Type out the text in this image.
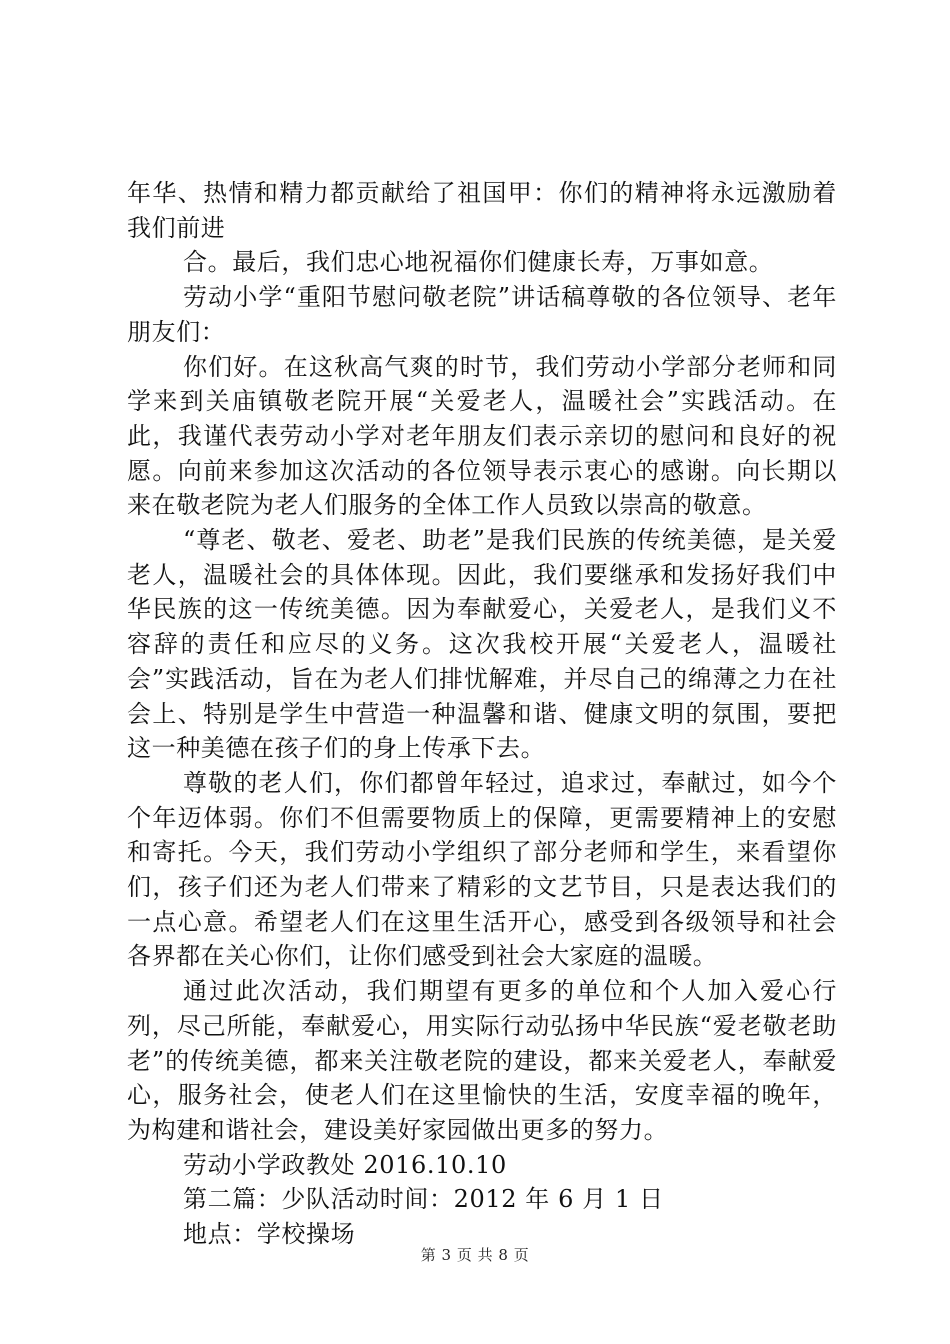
年华、热情和精力都贡献给了祖国甲：你们的精神将永远激励着我们前进

合。最后，我们忠心地祝福你们健康长寿，万事如意。

劳动小学“重阳节慰问敬老院”讲话稿尊敬的各位领导、老年朋友们：

你们好。在这秋高气爽的时节，我们劳动小学部分老师和同学来到关庙镇敬老院开展“关爱老人，温暖社会”实践活动。在此，我谨代表劳动小学对老年朋友们表示亲切的慰问和良好的祝愿。向前来参加这次活动的各位领导表示衷心的感谢。向长期以来在敬老院为老人们服务的全体工作人员致以崇高的敬意。

“尊老、敬老、爱老、助老”是我们民族的传统美德，是关爱老人，温暖社会的具体体现。因此，我们要继承和发扬好我们中华民族的这一传统美德。因为奉献爱心，关爱老人，是我们义不容辞的责任和应尽的义务。这次我校开展“关爱老人，温暖社会”实践活动，旨在为老人们排忧解难，并尽自己的绵薄之力在社会上、特别是学生中营造一种温馨和谐、健康文明的氛围，要把这一种美德在孩子们的身上传承下去。

尊敬的老人们，你们都曾年轻过，追求过，奉献过，如今个个年迈体弱。你们不但需要物质上的保障，更需要精神上的安慰和寄托。今天，我们劳动小学组织了部分老师和学生，来看望你们，孩子们还为老人们带来了精彩的文艺节目，只是表达我们的一点心意。希望老人们在这里生活开心，感受到各级领导和社会各界都在关心你们，让你们感受到社会大家庭的温暖。

通过此次活动，我们期望有更多的单位和个人加入爱心行列，尽己所能，奉献爱心，用实际行动弘扬中华民族“爱老敬老助老”的传统美德，都来关注敬老院的建设，都来关爱老人，奉献爱心，服务社会，使老人们在这里愉快的生活，安度幸福的晚年，为构建和谐社会，建设美好家园做出更多的努力。

劳动小学政教处 2016.10.10

第二篇：少队活动时间：2012 年 6 月 1 日

地点：学校操场

第 3 页 共 8 页
